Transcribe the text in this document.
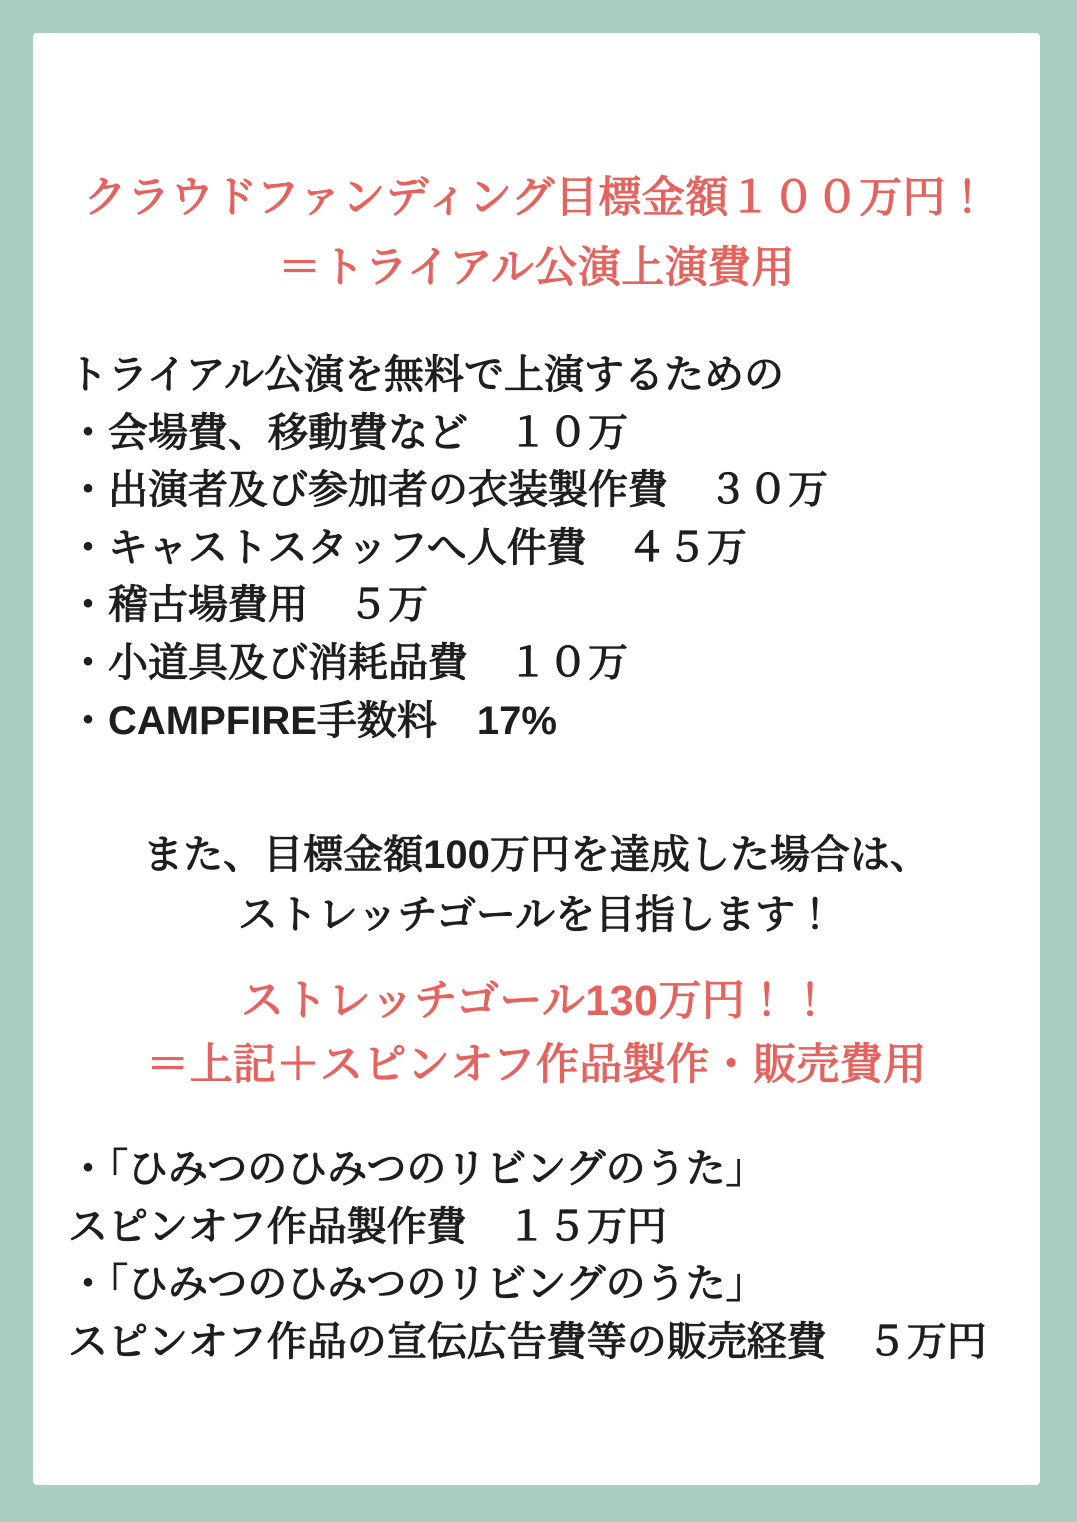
クラウドファンディング目標金額１００万円！
＝トライアル公演上演費用
トライアル公演を無料で上演するための
・会場費、移動費など　１０万
・出演者及び参加者の衣装製作費　３０万
・キャストスタッフへ人件費　４５万
・稽古場費用　５万
・小道具及び消耗品費　１０万
・CAMPFIRE手数料　17%
また、目標金額100万円を達成した場合は、
ストレッチゴールを目指します！
ストレッチゴール130万円！！
＝上記＋スピンオフ作品製作・販売費用
・「ひみつのひみつのリビングのうた」
スピンオフ作品製作費　１５万円
・「ひみつのひみつのリビングのうた」
スピンオフ作品の宣伝広告費等の販売経費　５万円
